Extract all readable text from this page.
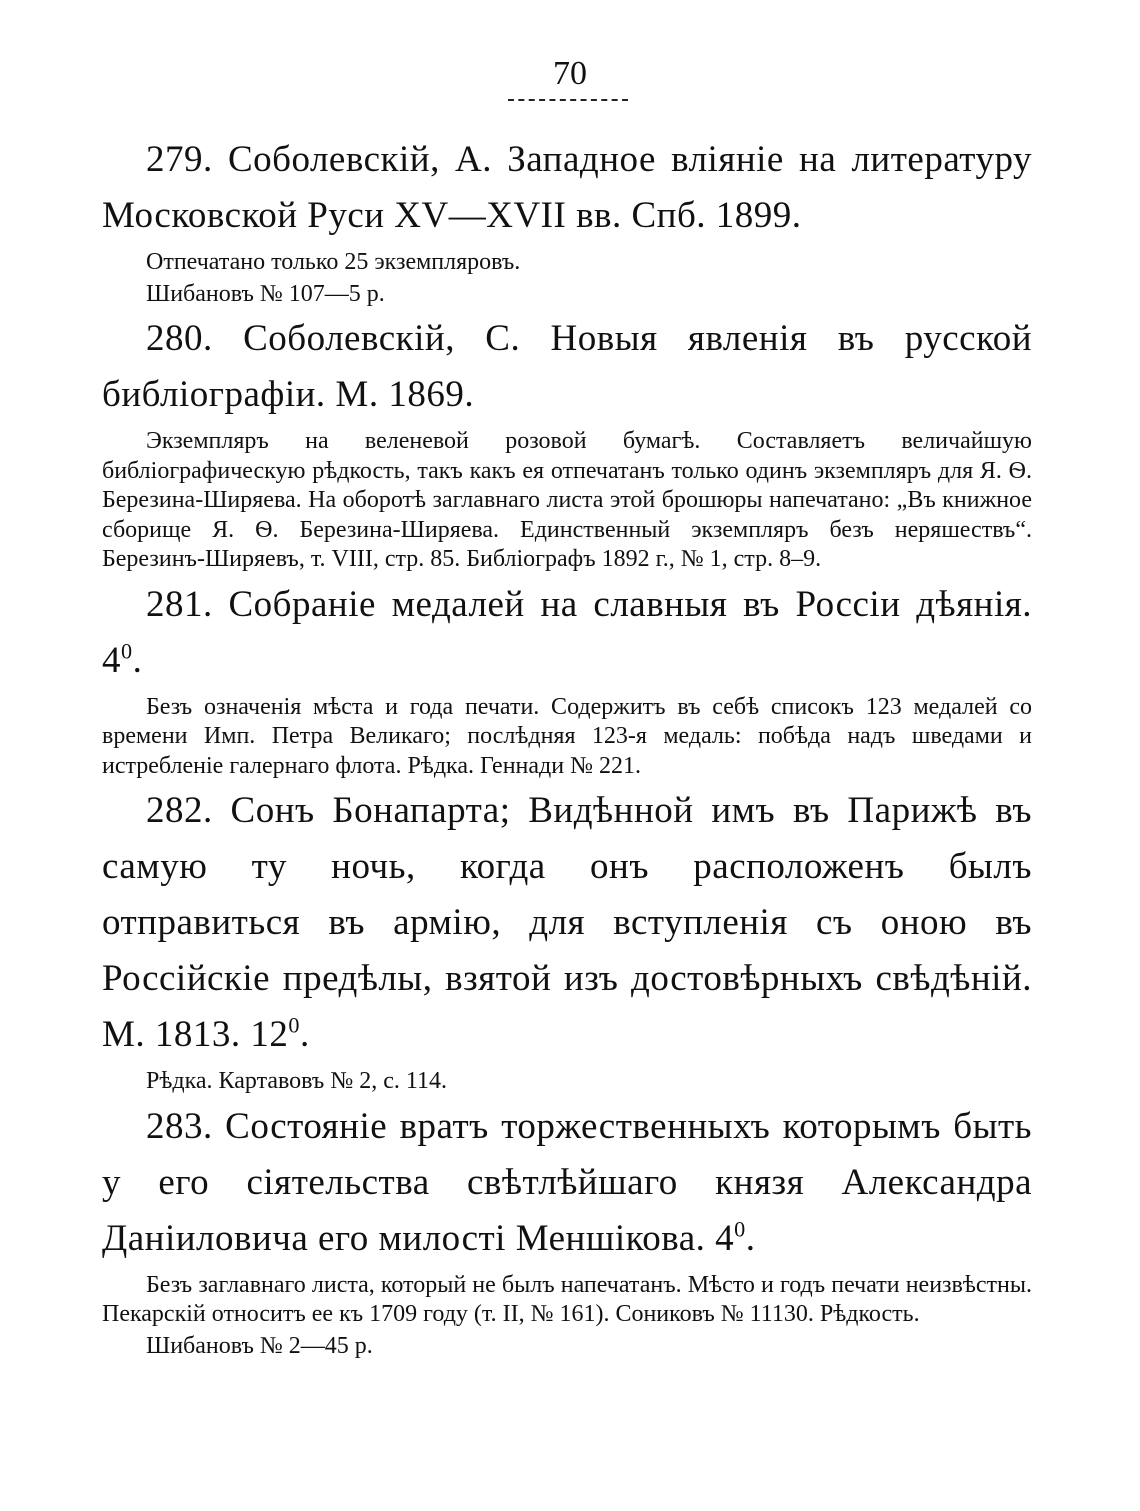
70

279. Соболевскій, А. Западное вліяніе на литературу Московской Руси XV—XVII вв. Спб. 1899.

Отпечатано только 25 экземпляровъ.

Шибановъ № 107—5 р.

280. Соболевскій, С. Новыя явленія въ русской библіографіи. М. 1869.

Экземпляръ на веленевой розовой бумагѣ. Составляетъ величайшую библіографическую рѣдкость, такъ какъ ея отпечатанъ только одинъ экземпляръ для Я. Ѳ. Березина-Ширяева. На оборотѣ заглавнаго листа этой брошюры напечатано: „Въ книжное сборище Я. Ѳ. Березина-Ширяева. Единственный экземпляръ безъ неряшествъ“. Березинъ-Ширяевъ, т. VIII, стр. 85. Библіографъ 1892 г., № 1, стр. 8–9.

281. Собраніе медалей на славныя въ Россіи дѣянія. $4^0$.

Безъ означенія мѣста и года печати. Содержитъ въ себѣ списокъ 123 медалей со времени Имп. Петра Великаго; послѣдняя 123-я медаль: побѣда надъ шведами и истребленіе галернаго флота. Рѣдка. Геннади № 221.

282. Сонъ Бонапарта; Видѣнной имъ въ Парижѣ въ самую ту ночь, когда онъ расположенъ былъ отправиться въ армію, для вступленія съ оною въ Россійскіе предѣлы, взятой изъ достовѣрныхъ свѣдѣній. М. 1813. $12^0$.

Рѣдка. Картавовъ № 2, с. 114.

283. Состояніе вратъ торжественныхъ которымъ быть у его сіятельства свѣтлѣйшаго князя Александра Даніиловича его милості Меншікова. $4^0$.

Безъ заглавнаго листа, который не былъ напечатанъ. Мѣсто и годъ печати неизвѣстны. Пекарскій относитъ ее къ 1709 году (т. II, № 161). Сониковъ № 11130. Рѣдкость.

Шибановъ № 2—45 р.
